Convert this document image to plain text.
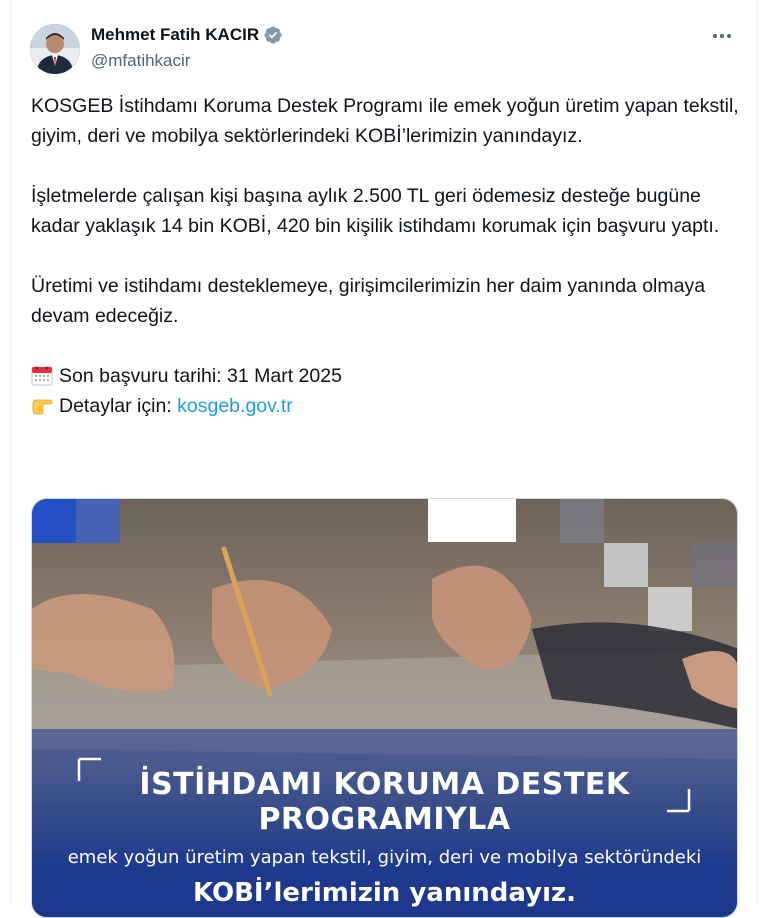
Mehmet Fatih KACIR
@mfatihkacir

KOSGEB İstihdamı Koruma Destek Programı ile emek yoğun üretim yapan tekstil, giyim, deri ve mobilya sektörlerindeki KOBİ’lerimizin yanındayız.

İşletmelerde çalışan kişi başına aylık 2.500 TL geri ödemesiz desteğe bugüne kadar yaklaşık 14 bin KOBİ, 420 bin kişilik istihdamı korumak için başvuru yaptı.

Üretimi ve istihdamı desteklemeye, girişimcilerimizin her daim yanında olmaya devam edeceğiz.

Son başvuru tarihi: 31 Mart 2025

Detaylar için: kosgeb.gov.tr

İSTİHDAMI KORUMA DESTEK PROGRAMIYLA
emek yoğun üretim yapan tekstil, giyim, deri ve mobilya sektöründeki
KOBİ’lerimizin yanındayız.
